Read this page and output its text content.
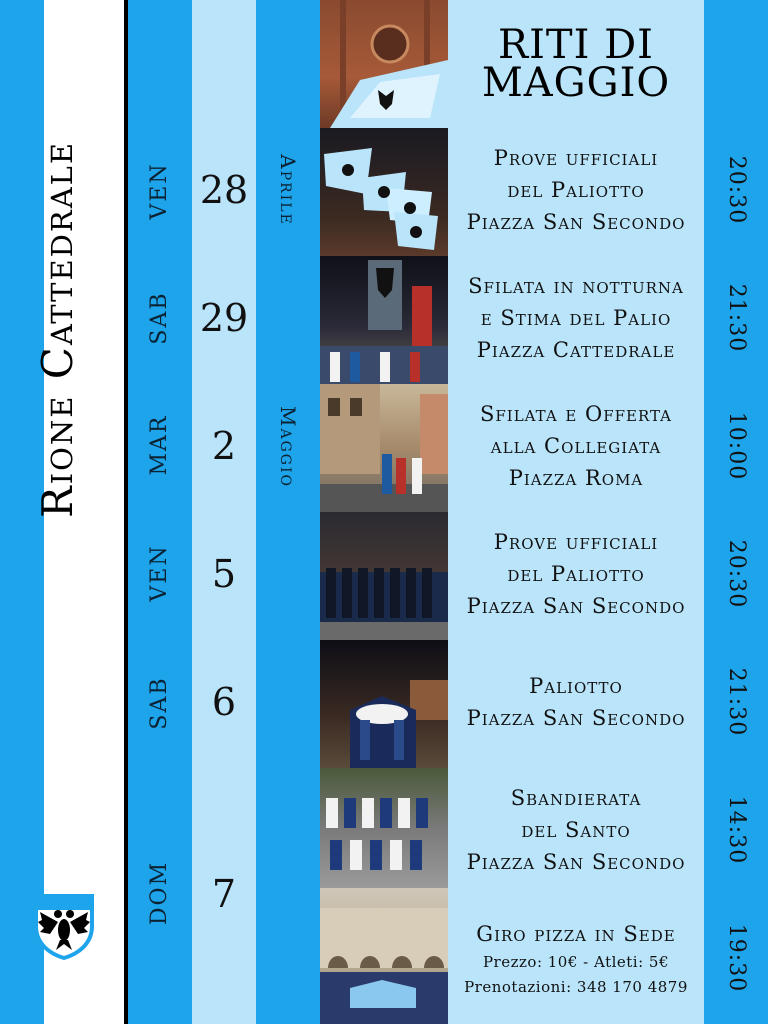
Rione Cattedrale
RITI DI
MAGGIO
Aprile
Maggio
VEN
SAB
MAR
VEN
SAB
DOM
28
29
2
5
6
7
Prove ufficiali
del Paliotto
Piazza San Secondo
Sfilata in notturna
e Stima del Palio
Piazza Cattedrale
Sfilata e Offerta
alla Collegiata
Piazza Roma
Prove ufficiali
del Paliotto
Piazza San Secondo
Paliotto
Piazza San Secondo
Sbandierata
del Santo
Piazza San Secondo
Giro pizza in Sede
Prezzo: 10€ - Atleti: 5€
Prenotazioni: 348 170 4879
20:30
21:30
10:00
20:30
21:30
14:30
19:30
